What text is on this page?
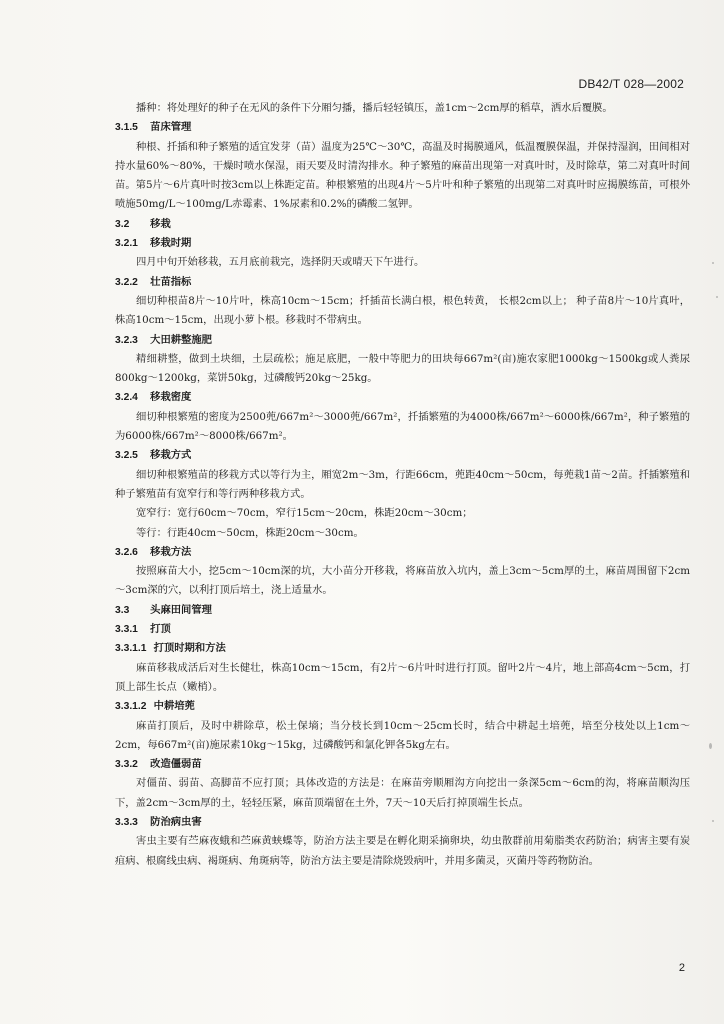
DB42/T 028—2002

播种：将处理好的种子在无风的条件下分厢匀播，播后轻轻镇压，盖1cm～2cm厚的稻草，洒水后覆膜。

3.1.5 苗床管理

种根、扦插和种子繁殖的适宜发芽（苗）温度为25℃～30℃，高温及时揭膜通风，低温覆膜保温，并保持湿润，田间相对持水量60%～80%，干燥时喷水保湿，雨天要及时清沟排水。种子繁殖的麻苗出现第一对真叶时，及时除草，第二对真叶时间苗。第5片～6片真叶时按3cm以上株距定苗。种根繁殖的出现4片～5片叶和种子繁殖的出现第二对真叶时应揭膜练苗，可根外喷施50mg/L～100mg/L赤霉素、1%尿素和0.2%的磷酸二氢钾。

3.2 移栽

3.2.1 移栽时期

四月中旬开始移栽，五月底前栽完，选择阴天或晴天下午进行。

3.2.2 壮苗指标

细切种根苗8片～10片叶，株高10cm～15cm；扦插苗长满白根，根色转黄， 长根2cm以上； 种子苗8片～10片真叶，株高10cm～15cm，出现小萝卜根。移栽时不带病虫。

3.2.3 大田耕整施肥

精细耕整，做到土块细，土层疏松；施足底肥，一般中等肥力的田块每667m²(亩)施农家肥1000kg～1500kg或人粪尿800kg～1200kg，菜饼50kg，过磷酸钙20kg～25kg。

3.2.4 移栽密度

细切种根繁殖的密度为2500蔸/667m²～3000蔸/667m²，扦插繁殖的为4000株/667m²～6000株/667m²，种子繁殖的为6000株/667m²～8000株/667m²。

3.2.5 移栽方式

细切种根繁殖苗的移栽方式以等行为主，厢宽2m～3m，行距66cm，蔸距40cm～50cm，每蔸栽1苗～2苗。扦插繁殖和种子繁殖苗有宽窄行和等行两种移栽方式。

宽窄行：宽行60cm～70cm，窄行15cm～20cm，株距20cm～30cm；

等行：行距40cm～50cm，株距20cm～30cm。

3.2.6 移栽方法

按照麻苗大小，挖5cm～10cm深的坑，大小苗分开移栽，将麻苗放入坑内，盖上3cm～5cm厚的土，麻苗周围留下2cm～3cm深的穴，以利打顶后培土，浇上适量水。

3.3 头麻田间管理

3.3.1 打顶

3.3.1.1 打顶时期和方法

麻苗移栽成活后对生长健壮，株高10cm～15cm，有2片～6片叶时进行打顶。留叶2片～4片，地上部高4cm～5cm，打顶上部生长点（嫩梢）。

3.3.1.2 中耕培蔸

麻苗打顶后，及时中耕除草，松土保墒；当分枝长到10cm～25cm长时，结合中耕起土培蔸，培至分枝处以上1cm～2cm，每667m²(亩)施尿素10kg～15kg，过磷酸钙和氯化钾各5kg左右。

3.3.2 改造僵弱苗

对僵苗、弱苗、高脚苗不应打顶；具体改造的方法是：在麻苗旁顺厢沟方向挖出一条深5cm～6cm的沟，将麻苗顺沟压下，盖2cm～3cm厚的土，轻轻压紧，麻苗顶端留在土外，7天～10天后打掉顶端生长点。

3.3.3 防治病虫害

害虫主要有苎麻夜蛾和苎麻黄蛱蝶等，防治方法主要是在孵化期采摘卵块，幼虫散群前用菊脂类农药防治；病害主要有炭疽病、根腐线虫病、褐斑病、角斑病等，防治方法主要是清除烧毁病叶，并用多菌灵，灭菌丹等药物防治。

2
